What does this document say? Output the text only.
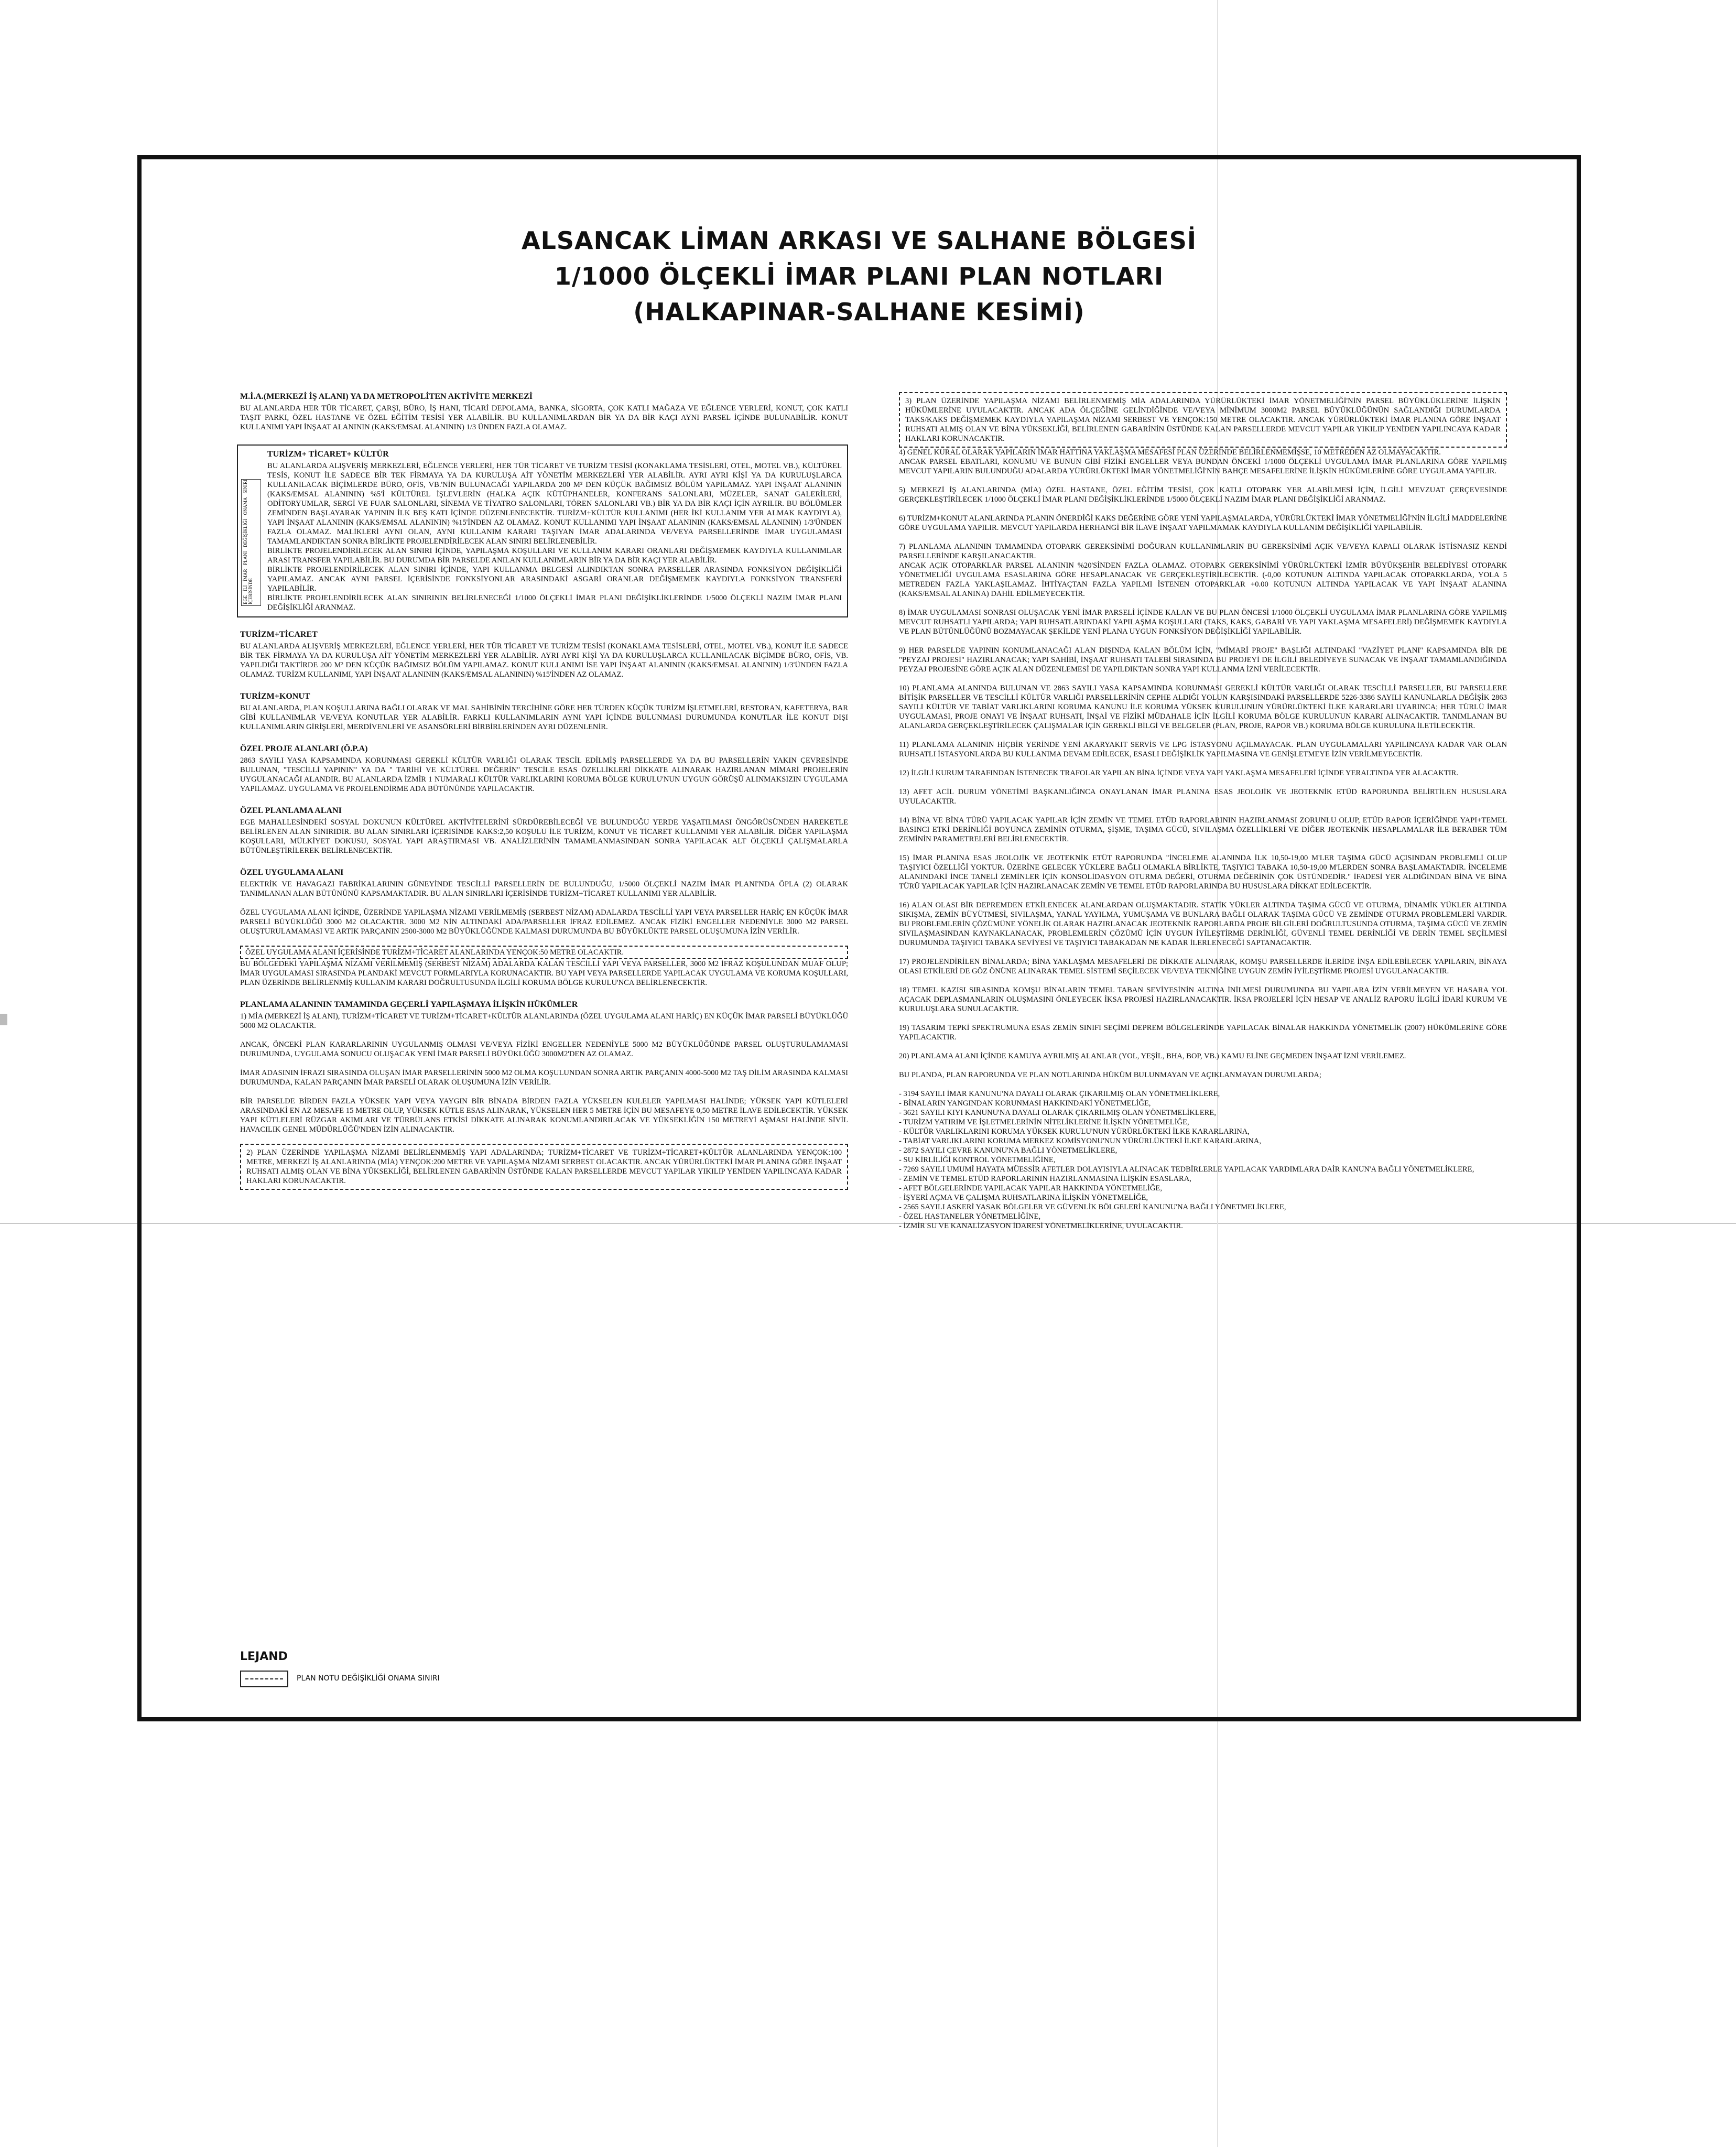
ALSANCAK LİMAN ARKASI VE SALHANE BÖLGESİ
1/1000 ÖLÇEKLİ İMAR PLANI PLAN NOTLARI
(HALKAPINAR-SALHANE KESİMİ)
M.İ.A.(MERKEZİ İŞ ALANI) YA DA METROPOLİTEN AKTİVİTE MERKEZİ

BU ALANLARDA HER TÜR TİCARET, ÇARŞI, BÜRO, İŞ HANI, TİCARİ DEPOLAMA, BANKA, SİGORTA, ÇOK KATLI MAĞAZA VE EĞLENCE YERLERİ, KONUT, ÇOK KATLI TAŞIT PARKI, ÖZEL HASTANE VE ÖZEL EĞİTİM TESİSİ YER ALABİLİR. BU KULLANIMLARDAN BİR YA DA BİR KAÇI AYNI PARSEL İÇİNDE BULUNABİLİR. KONUT KULLANIMI YAPI İNŞAAT ALANININ (KAKS/EMSAL ALANININ) 1/3 ÜNDEN FAZLA OLAMAZ.

EGE İLİ İMAR PLANI DEĞİŞİKLİĞİ ONAMA SINIRI İÇERİSİNDE
TURİZM+ TİCARET+ KÜLTÜR

BU ALANLARDA ALIŞVERİŞ MERKEZLERİ, EĞLENCE YERLERİ, HER TÜR TİCARET VE TURİZM TESİSİ (KONAKLAMA TESİSLERİ, OTEL, MOTEL VB.), KÜLTÜREL TESİS, KONUT İLE SADECE BİR TEK FİRMAYA YA DA KURULUŞA AİT YÖNETİM MERKEZLERİ YER ALABİLİR. AYRI AYRI KİŞİ YA DA KURULUŞLARCA KULLANILACAK BİÇİMLERDE BÜRO, OFİS, VB.'NİN BULUNACAĞI YAPILARDA 200 M² DEN KÜÇÜK BAĞIMSIZ BÖLÜM YAPILAMAZ. YAPI İNŞAAT ALANININ (KAKS/EMSAL ALANININ) %5'İ KÜLTÜREL İŞLEVLERİN (HALKA AÇIK KÜTÜPHANELER, KONFERANS SALONLARI, MÜZELER, SANAT GALERİLERİ, ODİTORYUMLAR, SERGİ VE FUAR SALONLARI, SİNEMA VE TİYATRO SALONLARI, TÖREN SALONLARI VB.) BİR YA DA BİR KAÇI İÇİN AYRILIR. BU BÖLÜMLER ZEMİNDEN BAŞLAYARAK YAPININ İLK BEŞ KATI İÇİNDE DÜZENLENECEKTİR. TURİZM+KÜLTÜR KULLANIMI (HER İKİ KULLANIM YER ALMAK KAYDIYLA), YAPI İNŞAAT ALANININ (KAKS/EMSAL ALANININ) %15'İNDEN AZ OLAMAZ. KONUT KULLANIMI YAPI İNŞAAT ALANININ (KAKS/EMSAL ALANININ) 1/3'ÜNDEN FAZLA OLAMAZ. MALİKLERİ AYNI OLAN, AYNI KULLANIM KARARI TAŞIYAN İMAR ADALARINDA VE/VEYA PARSELLERİNDE İMAR UYGULAMASI TAMAMLANDIKTAN SONRA BİRLİKTE PROJELENDİRİLECEK ALAN SINIRI BELİRLENEBİLİR.

BİRLİKTE PROJELENDİRİLECEK ALAN SINIRI İÇİNDE, YAPILAŞMA KOŞULLARI VE KULLANIM KARARI ORANLARI DEĞİŞMEMEK KAYDIYLA KULLANIMLAR ARASI TRANSFER YAPILABİLİR. BU DURUMDA BİR PARSELDE ANILAN KULLANIMLARIN BİR YA DA BİR KAÇI YER ALABİLİR.

BİRLİKTE PROJELENDİRİLECEK ALAN SINIRI İÇİNDE, YAPI KULLANMA BELGESİ ALINDIKTAN SONRA PARSELLER ARASINDA FONKSİYON DEĞİŞİKLİĞİ YAPILAMAZ. ANCAK AYNI PARSEL İÇERİSİNDE FONKSİYONLAR ARASINDAKİ ASGARİ ORANLAR DEĞİŞMEMEK KAYDIYLA FONKSİYON TRANSFERİ YAPILABİLİR.

BİRLİKTE PROJELENDİRİLECEK ALAN SINIRININ BELİRLENECEĞİ 1/1000 ÖLÇEKLİ İMAR PLANI DEĞİŞİKLİKLERİNDE 1/5000 ÖLÇEKLİ NAZIM İMAR PLANI DEĞİŞİKLİĞİ ARANMAZ.

TURİZM+TİCARET

BU ALANLARDA ALIŞVERİŞ MERKEZLERİ, EĞLENCE YERLERİ, HER TÜR TİCARET VE TURİZM TESİSİ (KONAKLAMA TESİSLERİ, OTEL, MOTEL VB.), KONUT İLE SADECE BİR TEK FİRMAYA YA DA KURULUŞA AİT YÖNETİM MERKEZLERİ YER ALABİLİR. AYRI AYRI KİŞİ YA DA KURULUŞLARCA KULLANILACAK BİÇİMDE BÜRO, OFİS, VB. YAPILDIĞI TAKTİRDE 200 M² DEN KÜÇÜK BAĞIMSIZ BÖLÜM YAPILAMAZ. KONUT KULLANIMI İSE YAPI İNŞAAT ALANININ (KAKS/EMSAL ALANININ) 1/3'ÜNDEN FAZLA OLAMAZ. TURİZM KULLANIMI, YAPI İNŞAAT ALANININ (KAKS/EMSAL ALANININ) %15'İNDEN AZ OLAMAZ.

TURİZM+KONUT

BU ALANLARDA, PLAN KOŞULLARINA BAĞLI OLARAK VE MAL SAHİBİNİN TERCİHİNE GÖRE HER TÜRDEN KÜÇÜK TURİZM İŞLETMELERİ, RESTORAN, KAFETERYA, BAR GİBİ KULLANIMLAR VE/VEYA KONUTLAR YER ALABİLİR. FARKLI KULLANIMLARIN AYNI YAPI İÇİNDE BULUNMASI DURUMUNDA KONUTLAR İLE KONUT DIŞI KULLANIMLARIN GİRİŞLERİ, MERDİVENLERİ VE ASANSÖRLERİ BİRBİRLERİNDEN AYRI DÜZENLENİR.

ÖZEL PROJE ALANLARI (Ö.P.A)

2863 SAYILI YASA KAPSAMINDA KORUNMASI GEREKLİ KÜLTÜR VARLIĞI OLARAK TESCİL EDİLMİŞ PARSELLERDE YA DA BU PARSELLERİN YAKIN ÇEVRESİNDE BULUNAN, "TESCİLLİ YAPININ" YA DA " TARİHİ VE KÜLTÜREL DEĞERİN" TESCİLE ESAS ÖZELLİKLERİ DİKKATE ALINARAK HAZIRLANAN MİMARİ PROJELERİN UYGULANACAĞI ALANDIR. BU ALANLARDA İZMİR 1 NUMARALI KÜLTÜR VARLIKLARINI KORUMA BÖLGE KURULU'NUN UYGUN GÖRÜŞÜ ALINMAKSIZIN UYGULAMA YAPILAMAZ. UYGULAMA VE PROJELENDİRME ADA BÜTÜNÜNDE YAPILACAKTIR.

ÖZEL PLANLAMA ALANI

EGE MAHALLESİNDEKİ SOSYAL DOKUNUN KÜLTÜREL AKTİVİTELERİNİ SÜRDÜREBİLECEĞİ VE BULUNDUĞU YERDE YAŞATILMASI ÖNGÖRÜSÜNDEN HAREKETLE BELİRLENEN ALAN SINIRIDIR. BU ALAN SINIRLARI İÇERİSİNDE KAKS:2,50 KOŞULU İLE TURİZM, KONUT VE TİCARET KULLANIMI YER ALABİLİR. DİĞER YAPILAŞMA KOŞULLARI, MÜLKİYET DOKUSU, SOSYAL YAPI ARAŞTIRMASI VB. ANALİZLERİNİN TAMAMLANMASINDAN SONRA YAPILACAK ALT ÖLÇEKLİ ÇALIŞMALARLA BÜTÜNLEŞTİRİLEREK BELİRLENECEKTİR.

ÖZEL UYGULAMA ALANI

ELEKTRİK VE HAVAGAZI FABRİKALARININ GÜNEYİNDE TESCİLLİ PARSELLERİN DE BULUNDUĞU, 1/5000 ÖLÇEKLİ NAZIM İMAR PLANI'NDA ÖPLA (2) OLARAK TANIMLANAN ALAN BÜTÜNÜNÜ KAPSAMAKTADIR. BU ALAN SINIRLARI İÇERİSİNDE TURİZM+TİCARET KULLANIMI YER ALABİLİR.

ÖZEL UYGULAMA ALANI İÇİNDE, ÜZERİNDE YAPILAŞMA NİZAMI VERİLMEMİŞ (SERBEST NİZAM) ADALARDA TESCİLLİ YAPI VEYA PARSELLER HARİÇ EN KÜÇÜK İMAR PARSELİ BÜYÜKLÜĞÜ 3000 M2 OLACAKTIR. 3000 M2 NİN ALTINDAKİ ADA/PARSELLER İFRAZ EDİLEMEZ. ANCAK FİZİKİ ENGELLER NEDENİYLE 3000 M2 PARSEL OLUŞTURULAMAMASI VE ARTIK PARÇANIN 2500-3000 M2 BÜYÜKLÜĞÜNDE KALMASI DURUMUNDA BU BÜYÜKLÜKTE PARSEL OLUŞUMUNA İZİN VERİLİR.

ÖZEL UYGULAMA ALANI İÇERİSİNDE TURİZM+TİCARET ALANLARINDA YENÇOK:50 METRE OLACAKTIR.

BU BÖLGEDEKİ YAPILAŞMA NİZAMI VERİLMEMİŞ (SERBEST NİZAM) ADALARDA KALAN TESCİLLİ YAPI VEYA PARSELLER, 3000 M2 İFRAZ KOŞULUNDAN MUAF OLUP; İMAR UYGULAMASI SIRASINDA PLANDAKİ MEVCUT FORMLARIYLA KORUNACAKTIR. BU YAPI VEYA PARSELLERDE YAPILACAK UYGULAMA VE KORUMA KOŞULLARI, PLAN ÜZERİNDE BELİRLENMİŞ KULLANIM KARARI DOĞRULTUSUNDA İLGİLİ KORUMA BÖLGE KURULU'NCA BELİRLENECEKTİR.

PLANLAMA ALANININ TAMAMINDA GEÇERLİ YAPILAŞMAYA İLİŞKİN HÜKÜMLER

1) MİA (MERKEZİ İŞ ALANI), TURİZM+TİCARET VE TURİZM+TİCARET+KÜLTÜR ALANLARINDA (ÖZEL UYGULAMA ALANI HARİÇ) EN KÜÇÜK İMAR PARSELİ BÜYÜKLÜĞÜ 5000 M2 OLACAKTIR.

ANCAK, ÖNCEKİ PLAN KARARLARININ UYGULANMIŞ OLMASI VE/VEYA FİZİKİ ENGELLER NEDENİYLE 5000 M2 BÜYÜKLÜĞÜNDE PARSEL OLUŞTURULAMAMASI DURUMUNDA, UYGULAMA SONUCU OLUŞACAK YENİ İMAR PARSELİ BÜYÜKLÜĞÜ 3000M2'DEN AZ OLAMAZ.

İMAR ADASININ İFRAZI SIRASINDA OLUŞAN İMAR PARSELLERİNİN 5000 M2 OLMA KOŞULUNDAN SONRA ARTIK PARÇANIN 4000-5000 M2 TAŞ DİLİM ARASINDA KALMASI DURUMUNDA, KALAN PARÇANIN İMAR PARSELİ OLARAK OLUŞUMUNA İZİN VERİLİR.

BİR PARSELDE BİRDEN FAZLA YÜKSEK YAPI VEYA YAYGIN BİR BİNADA BİRDEN FAZLA YÜKSELEN KULELER YAPILMASI HALİNDE; YÜKSEK YAPI KÜTLELERİ ARASINDAKİ EN AZ MESAFE 15 METRE OLUP, YÜKSEK KÜTLE ESAS ALINARAK, YÜKSELEN HER 5 METRE İÇİN BU MESAFEYE 0,50 METRE İLAVE EDİLECEKTİR. YÜKSEK YAPI KÜTLELERİ RÜZGAR AKIMLARI VE TÜRBÜLANS ETKİSİ DİKKATE ALINARAK KONUMLANDIRILACAK VE YÜKSEKLİĞİN 150 METREYİ AŞMASI HALİNDE SİVİL HAVACILIK GENEL MÜDÜRLÜĞÜ'NDEN İZİN ALINACAKTIR.

2) PLAN ÜZERİNDE YAPILAŞMA NİZAMI BELİRLENMEMİŞ YAPI ADALARINDA; TURİZM+TİCARET VE TURİZM+TİCARET+KÜLTÜR ALANLARINDA YENÇOK:100 METRE, MERKEZİ İŞ ALANLARINDA (MİA) YENÇOK:200 METRE VE YAPILAŞMA NİZAMI SERBEST OLACAKTIR. ANCAK YÜRÜRLÜKTEKİ İMAR PLANINA GÖRE İNŞAAT RUHSATI ALMIŞ OLAN VE BİNA YÜKSEKLİĞİ, BELİRLENEN GABARİNİN ÜSTÜNDE KALAN PARSELLERDE MEVCUT YAPILAR YIKILIP YENİDEN YAPILINCAYA KADAR HAKLARI KORUNACAKTIR.

3) PLAN ÜZERİNDE YAPILAŞMA NİZAMI BELİRLENMEMİŞ MİA ADALARINDA YÜRÜRLÜKTEKİ İMAR YÖNETMELİĞİ'NİN PARSEL BÜYÜKLÜKLERİNE İLİŞKİN HÜKÜMLERİNE UYULACAKTIR. ANCAK ADA ÖLÇEĞİNE GELİNDİĞİNDE VE/VEYA MİNİMUM 3000M2 PARSEL BÜYÜKLÜĞÜNÜN SAĞLANDIĞI DURUMLARDA TAKS/KAKS DEĞİŞMEMEK KAYDIYLA YAPILAŞMA NİZAMI SERBEST VE YENÇOK:150 METRE OLACAKTIR. ANCAK YÜRÜRLÜKTEKİ İMAR PLANINA GÖRE İNŞAAT RUHSATI ALMIŞ OLAN VE BİNA YÜKSEKLİĞİ, BELİRLENEN GABARİNİN ÜSTÜNDE KALAN PARSELLERDE MEVCUT YAPILAR YIKILIP YENİDEN YAPILINCAYA KADAR HAKLARI KORUNACAKTIR.

4) GENEL KURAL OLARAK YAPILARIN İMAR HATTINA YAKLAŞMA MESAFESİ PLAN ÜZERİNDE BELİRLENMEMİŞSE, 10 METREDEN AZ OLMAYACAKTIR.

ANCAK PARSEL EBATLARI, KONUMU VE BUNUN GİBİ FİZİKİ ENGELLER VEYA BUNDAN ÖNCEKİ 1/1000 ÖLÇEKLİ UYGULAMA İMAR PLANLARINA GÖRE YAPILMIŞ MEVCUT YAPILARIN BULUNDUĞU ADALARDA YÜRÜRLÜKTEKİ İMAR YÖNETMELİĞİ'NİN BAHÇE MESAFELERİNE İLİŞKİN HÜKÜMLERİNE GÖRE UYGULAMA YAPILIR.

5) MERKEZİ İŞ ALANLARINDA (MİA) ÖZEL HASTANE, ÖZEL EĞİTİM TESİSİ, ÇOK KATLI OTOPARK YER ALABİLMESİ İÇİN, İLGİLİ MEVZUAT ÇERÇEVESİNDE GERÇEKLEŞTİRİLECEK 1/1000 ÖLÇEKLİ İMAR PLANI DEĞİŞİKLİKLERİNDE 1/5000 ÖLÇEKLİ NAZIM İMAR PLANI DEĞİŞİKLİĞİ ARANMAZ.

6) TURİZM+KONUT ALANLARINDA PLANIN ÖNERDİĞİ KAKS DEĞERİNE GÖRE YENİ YAPILAŞMALARDA, YÜRÜRLÜKTEKİ İMAR YÖNETMELİĞİ'NİN İLGİLİ MADDELERİNE GÖRE UYGULAMA YAPILIR. MEVCUT YAPILARDA HERHANGİ BİR İLAVE İNŞAAT YAPILMAMAK KAYDIYLA KULLANIM DEĞİŞİKLİĞİ YAPILABİLİR.

7) PLANLAMA ALANININ TAMAMINDA OTOPARK GEREKSİNİMİ DOĞURAN KULLANIMLARIN BU GEREKSİNİMİ AÇIK VE/VEYA KAPALI OLARAK İSTİSNASIZ KENDİ PARSELLERİNDE KARŞILANACAKTIR.

ANCAK AÇIK OTOPARKLAR PARSEL ALANININ %20'SİNDEN FAZLA OLAMAZ. OTOPARK GEREKSİNİMİ YÜRÜRLÜKTEKİ İZMİR BÜYÜKŞEHİR BELEDİYESİ OTOPARK YÖNETMELİĞİ UYGULAMA ESASLARINA GÖRE HESAPLANACAK VE GERÇEKLEŞTİRİLECEKTİR. (-0,00 KOTUNUN ALTINDA YAPILACAK OTOPARKLARDA, YOLA 5 METREDEN FAZLA YAKLAŞILAMAZ. İHTİYAÇTAN FAZLA YAPILMI İSTENEN OTOPARKLAR +0.00 KOTUNUN ALTINDA YAPILACAK VE YAPI İNŞAAT ALANINA (KAKS/EMSAL ALANINA) DAHİL EDİLMEYECEKTİR.

8) İMAR UYGULAMASI SONRASI OLUŞACAK YENİ İMAR PARSELİ İÇİNDE KALAN VE BU PLAN ÖNCESİ 1/1000 ÖLÇEKLİ UYGULAMA İMAR PLANLARINA GÖRE YAPILMIŞ MEVCUT RUHSATLI YAPILARDA; YAPI RUHSATLARINDAKİ YAPILAŞMA KOŞULLARI (TAKS, KAKS, GABARİ VE YAPI YAKLAŞMA MESAFELERİ) DEĞİŞMEMEK KAYDIYLA VE PLAN BÜTÜNLÜĞÜNÜ BOZMAYACAK ŞEKİLDE YENİ PLANA UYGUN FONKSİYON DEĞİŞİKLİĞİ YAPILABİLİR.

9) HER PARSELDE YAPININ KONUMLANACAĞI ALAN DIŞINDA KALAN BÖLÜM İÇİN, "MİMARİ PROJE" BAŞLIĞI ALTINDAKİ "VAZİYET PLANI" KAPSAMINDA BİR DE "PEYZAJ PROJESİ" HAZIRLANACAK; YAPI SAHİBİ, İNŞAAT RUHSATI TALEBİ SIRASINDA BU PROJEYİ DE İLGİLİ BELEDİYEYE SUNACAK VE İNŞAAT TAMAMLANDIĞINDA PEYZAJ PROJESİNE GÖRE AÇIK ALAN DÜZENLEMESİ DE YAPILDIKTAN SONRA YAPI KULLANMA İZNİ VERİLECEKTİR.

10) PLANLAMA ALANINDA BULUNAN VE 2863 SAYILI YASA KAPSAMINDA KORUNMASI GEREKLİ KÜLTÜR VARLIĞI OLARAK TESCİLLİ PARSELLER, BU PARSELLERE BİTİŞİK PARSELLER VE TESCİLLİ KÜLTÜR VARLIĞI PARSELLERİNİN CEPHE ALDIĞI YOLUN KARŞISINDAKİ PARSELLERDE 5226-3386 SAYILI KANUNLARLA DEĞİŞİK 2863 SAYILI KÜLTÜR VE TABİAT VARLIKLARINI KORUMA KANUNU İLE KORUMA YÜKSEK KURULUNUN YÜRÜRLÜKTEKİ İLKE KARARLARI UYARINCA; HER TÜRLÜ İMAR UYGULAMASI, PROJE ONAYI VE İNŞAAT RUHSATI, İNŞAİ VE FİZİKİ MÜDAHALE İÇİN İLGİLİ KORUMA BÖLGE KURULUNUN KARARI ALINACAKTIR. TANIMLANAN BU ALANLARDA GERÇEKLEŞTİRİLECEK ÇALIŞMALAR İÇİN GEREKLİ BİLGİ VE BELGELER (PLAN, PROJE, RAPOR VB.) KORUMA BÖLGE KURULUNA İLETİLECEKTİR.

11) PLANLAMA ALANININ HİÇBİR YERİNDE YENİ AKARYAKIT SERVİS VE LPG İSTASYONU AÇILMAYACAK. PLAN UYGULAMALARI YAPILINCAYA KADAR VAR OLAN RUHSATLI İSTASYONLARDA BU KULLANIMA DEVAM EDİLECEK, ESASLI DEĞİŞİKLİK YAPILMASINA VE GENİŞLETMEYE İZİN VERİLMEYECEKTİR.

12) İLGİLİ KURUM TARAFINDAN İSTENECEK TRAFOLAR YAPILAN BİNA İÇİNDE VEYA YAPI YAKLAŞMA MESAFELERİ İÇİNDE YERALTINDA YER ALACAKTIR.

13) AFET ACİL DURUM YÖNETİMİ BAŞKANLIĞINCA ONAYLANAN İMAR PLANINA ESAS JEOLOJİK VE JEOTEKNİK ETÜD RAPORUNDA BELİRTİLEN HUSUSLARA UYULACAKTIR.

14) BİNA VE BİNA TÜRÜ YAPILACAK YAPILAR İÇİN ZEMİN VE TEMEL ETÜD RAPORLARININ HAZIRLANMASI ZORUNLU OLUP, ETÜD RAPOR İÇERİĞİNDE YAPI+TEMEL BASINCI ETKİ DERİNLİĞİ BOYUNCA ZEMİNİN OTURMA, ŞİŞME, TAŞIMA GÜCÜ, SIVILAŞMA ÖZELLİKLERİ VE DİĞER JEOTEKNİK HESAPLAMALAR İLE BERABER TÜM ZEMİNİN PARAMETRELERİ BELİRLENECEKTİR.

15) İMAR PLANINA ESAS JEOLOJİK VE JEOTEKNİK ETÜT RAPORUNDA "İNCELEME ALANINDA İLK 10,50-19,00 M'LER TAŞIMA GÜCÜ AÇISINDAN PROBLEMLİ OLUP TAŞIYICI ÖZELLİĞİ YOKTUR. ÜZERİNE GELECEK YÜKLERE BAĞLI OLMAKLA BİRLİKTE, TAŞIYICI TABAKA 10,50-19,00 M'LERDEN SONRA BAŞLAMAKTADIR. İNCELEME ALANINDAKİ İNCE TANELİ ZEMİNLER İÇİN KONSOLİDASYON OTURMA DEĞERİ, OTURMA DEĞERİNİN ÇOK ÜSTÜNDEDİR." İFADESİ YER ALDIĞINDAN BİNA VE BİNA TÜRÜ YAPILACAK YAPILAR İÇİN HAZIRLANACAK ZEMİN VE TEMEL ETÜD RAPORLARINDA BU HUSUSLARA DİKKAT EDİLECEKTİR.

16) ALAN OLASI BİR DEPREMDEN ETKİLENECEK ALANLARDAN OLUŞMAKTADIR. STATİK YÜKLER ALTINDA TAŞIMA GÜCÜ VE OTURMA, DİNAMİK YÜKLER ALTINDA SIKIŞMA, ZEMİN BÜYÜTMESİ, SIVILAŞMA, YANAL YAYILMA, YUMUŞAMA VE BUNLARA BAĞLI OLARAK TAŞIMA GÜCÜ VE ZEMİNDE OTURMA PROBLEMLERİ VARDIR. BU PROBLEMLERİN ÇÖZÜMÜNE YÖNELİK OLARAK HAZIRLANACAK JEOTEKNİK RAPORLARDA PROJE BİLGİLERİ DOĞRULTUSUNDA OTURMA, TAŞIMA GÜCÜ VE ZEMİN SIVILAŞMASINDAN KAYNAKLANACAK, PROBLEMLERİN ÇÖZÜMÜ İÇİN UYGUN İYİLEŞTİRME DERİNLİĞİ, GÜVENLİ TEMEL DERİNLİĞİ VE DERİN TEMEL SEÇİLMESİ DURUMUNDA TAŞIYICI TABAKA SEVİYESİ VE TAŞIYICI TABAKADAN NE KADAR İLERLENECEĞİ SAPTANACAKTIR.

17) PROJELENDİRİLEN BİNALARDA; BİNA YAKLAŞMA MESAFELERİ DE DİKKATE ALINARAK, KOMŞU PARSELLERDE İLERİDE İNŞA EDİLEBİLECEK YAPILARIN, BİNAYA OLASI ETKİLERİ DE GÖZ ÖNÜNE ALINARAK TEMEL SİSTEMİ SEÇİLECEK VE/VEYA TEKNİĞİNE UYGUN ZEMİN İYİLEŞTİRME PROJESİ UYGULANACAKTIR.

18) TEMEL KAZISI SIRASINDA KOMŞU BİNALARIN TEMEL TABAN SEVİYESİNİN ALTINA İNİLMESİ DURUMUNDA BU YAPILARA İZİN VERİLMEYEN VE HASARA YOL AÇACAK DEPLASMANLARIN OLUŞMASINI ÖNLEYECEK İKSA PROJESİ HAZIRLANACAKTIR. İKSA PROJELERİ İÇİN HESAP VE ANALİZ RAPORU İLGİLİ İDARİ KURUM VE KURULUŞLARA SUNULACAKTIR.

19) TASARIM TEPKİ SPEKTRUMUNA ESAS ZEMİN SINIFI SEÇİMİ DEPREM BÖLGELERİNDE YAPILACAK BİNALAR HAKKINDA YÖNETMELİK (2007) HÜKÜMLERİNE GÖRE YAPILACAKTIR.

20) PLANLAMA ALANI İÇİNDE KAMUYA AYRILMIŞ ALANLAR (YOL, YEŞİL, BHA, BOP, VB.) KAMU ELİNE GEÇMEDEN İNŞAAT İZNİ VERİLEMEZ.

BU PLANDA, PLAN RAPORUNDA VE PLAN NOTLARINDA HÜKÜM BULUNMAYAN VE AÇIKLANMAYAN DURUMLARDA;

- 3194 SAYILI İMAR KANUNU'NA DAYALI OLARAK ÇIKARILMIŞ OLAN YÖNETMELİKLERE,

- BİNALARIN YANGINDAN KORUNMASI HAKKINDAKİ YÖNETMELİĞE,

- 3621 SAYILI KIYI KANUNU'NA DAYALI OLARAK ÇIKARILMIŞ OLAN YÖNETMELİKLERE,

- TURİZM YATIRIM VE İŞLETMELERİNİN NİTELİKLERİNE İLİŞKİN YÖNETMELİĞE,

- KÜLTÜR VARLIKLARINI KORUMA YÜKSEK KURULU'NUN YÜRÜRLÜKTEKİ İLKE KARARLARINA,

- TABİAT VARLIKLARINI KORUMA MERKEZ KOMİSYONU'NUN YÜRÜRLÜKTEKİ İLKE KARARLARINA,

- 2872 SAYILI ÇEVRE KANUNU'NA BAĞLI YÖNETMELİKLERE,

- SU KİRLİLİĞİ KONTROL YÖNETMELİĞİNE,

- 7269 SAYILI UMUMİ HAYATA MÜESSİR AFETLER DOLAYISIYLA ALINACAK TEDBİRLERLE YAPILACAK YARDIMLARA DAİR KANUN'A BAĞLI YÖNETMELİKLERE,

- ZEMİN VE TEMEL ETÜD RAPORLARININ HAZIRLANMASINA İLİŞKİN ESASLARA,

- AFET BÖLGELERİNDE YAPILACAK YAPILAR HAKKINDA YÖNETMELİĞE,

- İŞYERİ AÇMA VE ÇALIŞMA RUHSATLARINA İLİŞKİN YÖNETMELİĞE,

- 2565 SAYILI ASKERİ YASAK BÖLGELER VE GÜVENLİK BÖLGELERİ KANUNU'NA BAĞLI YÖNETMELİKLERE,

- ÖZEL HASTANELER YÖNETMELİĞİNE,

- İZMİR SU VE KANALİZASYON İDARESİ YÖNETMELİKLERİNE, UYULACAKTIR.

LEJAND

PLAN NOTU DEĞİŞİKLİĞİ ONAMA SINIRI
